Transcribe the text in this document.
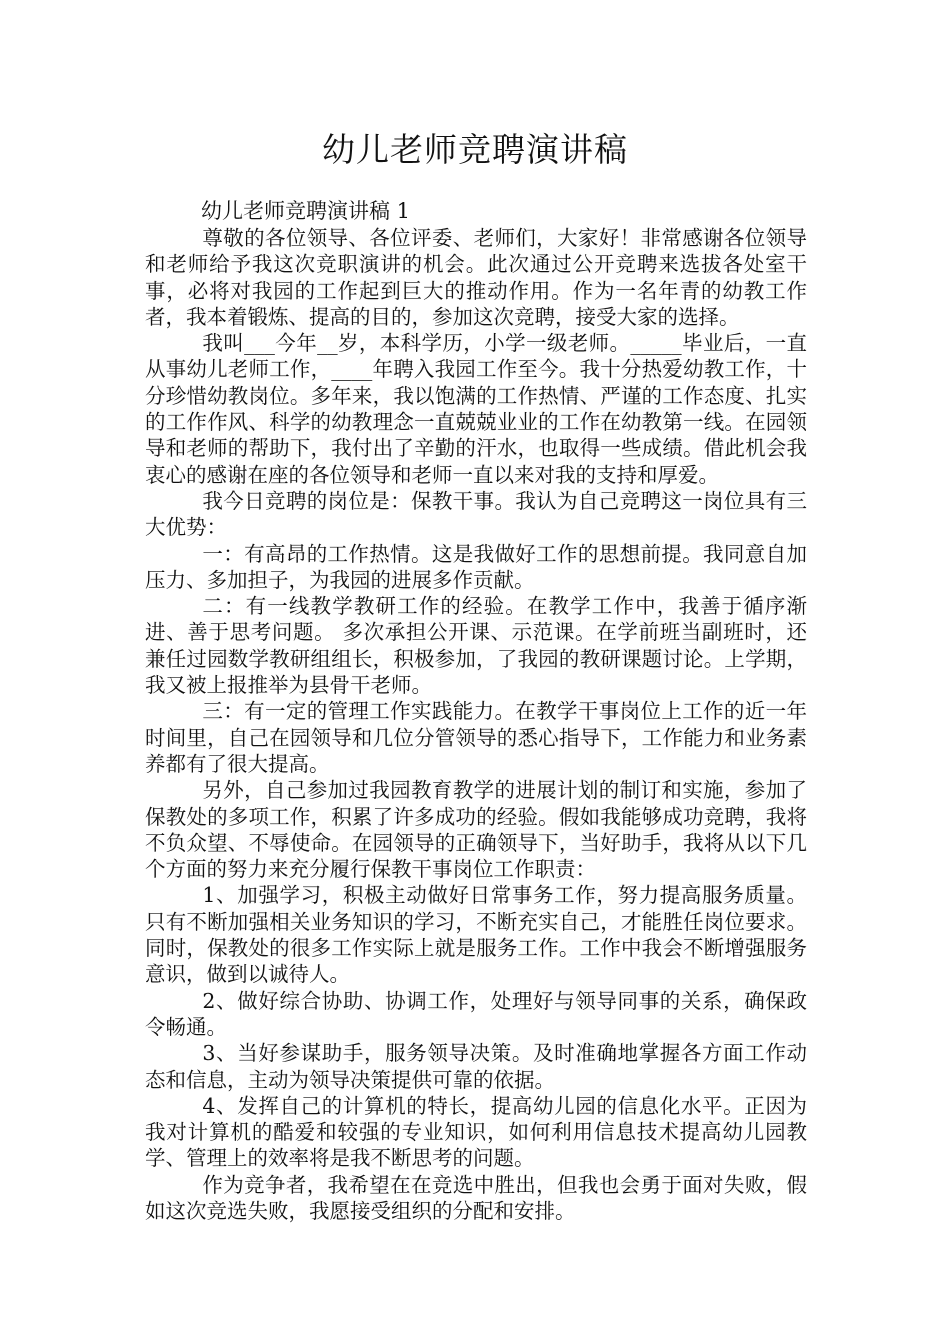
幼儿老师竞聘演讲稿

幼儿老师竞聘演讲稿 1

尊敬的各位领导、各位评委、老师们，大家好！非常感谢各位领导和老师给予我这次竞职演讲的机会。此次通过公开竞聘来选拔各处室干事，必将对我园的工作起到巨大的推动作用。作为一名年青的幼教工作者，我本着锻炼、提高的目的，参加这次竞聘，接受大家的选择。

我叫___今年__岁，本科学历，小学一级老师。_____毕业后，一直从事幼儿老师工作，____年聘入我园工作至今。我十分热爱幼教工作，十分珍惜幼教岗位。多年来，我以饱满的工作热情、严谨的工作态度、扎实的工作作风、科学的幼教理念一直兢兢业业的工作在幼教第一线。在园领导和老师的帮助下，我付出了辛勤的汗水，也取得一些成绩。借此机会我衷心的感谢在座的各位领导和老师一直以来对我的支持和厚爱。

我今日竞聘的岗位是：保教干事。我认为自己竞聘这一岗位具有三大优势：

一：有高昂的工作热情。这是我做好工作的思想前提。我同意自加压力、多加担子，为我园的进展多作贡献。

二：有一线教学教研工作的经验。在教学工作中，我善于循序渐进、善于思考问题。 多次承担公开课、示范课。在学前班当副班时，还兼任过园数学教研组组长，积极参加，了我园的教研课题讨论。上学期，我又被上报推举为县骨干老师。

三：有一定的管理工作实践能力。在教学干事岗位上工作的近一年时间里，自己在园领导和几位分管领导的悉心指导下，工作能力和业务素养都有了很大提高。

另外，自己参加过我园教育教学的进展计划的制订和实施，参加了保教处的多项工作，积累了许多成功的经验。假如我能够成功竞聘，我将不负众望、不辱使命。在园领导的正确领导下，当好助手，我将从以下几个方面的努力来充分履行保教干事岗位工作职责：

1、加强学习，积极主动做好日常事务工作，努力提高服务质量。只有不断加强相关业务知识的学习，不断充实自己，才能胜任岗位要求。同时，保教处的很多工作实际上就是服务工作。工作中我会不断增强服务意识，做到以诚待人。

2、做好综合协助、协调工作，处理好与领导同事的关系，确保政令畅通。

3、当好参谋助手，服务领导决策。及时准确地掌握各方面工作动态和信息，主动为领导决策提供可靠的依据。

4、发挥自己的计算机的特长，提高幼儿园的信息化水平。正因为我对计算机的酷爱和较强的专业知识，如何利用信息技术提高幼儿园教学、管理上的效率将是我不断思考的问题。

作为竞争者，我希望在在竞选中胜出，但我也会勇于面对失败，假如这次竞选失败，我愿接受组织的分配和安排。
